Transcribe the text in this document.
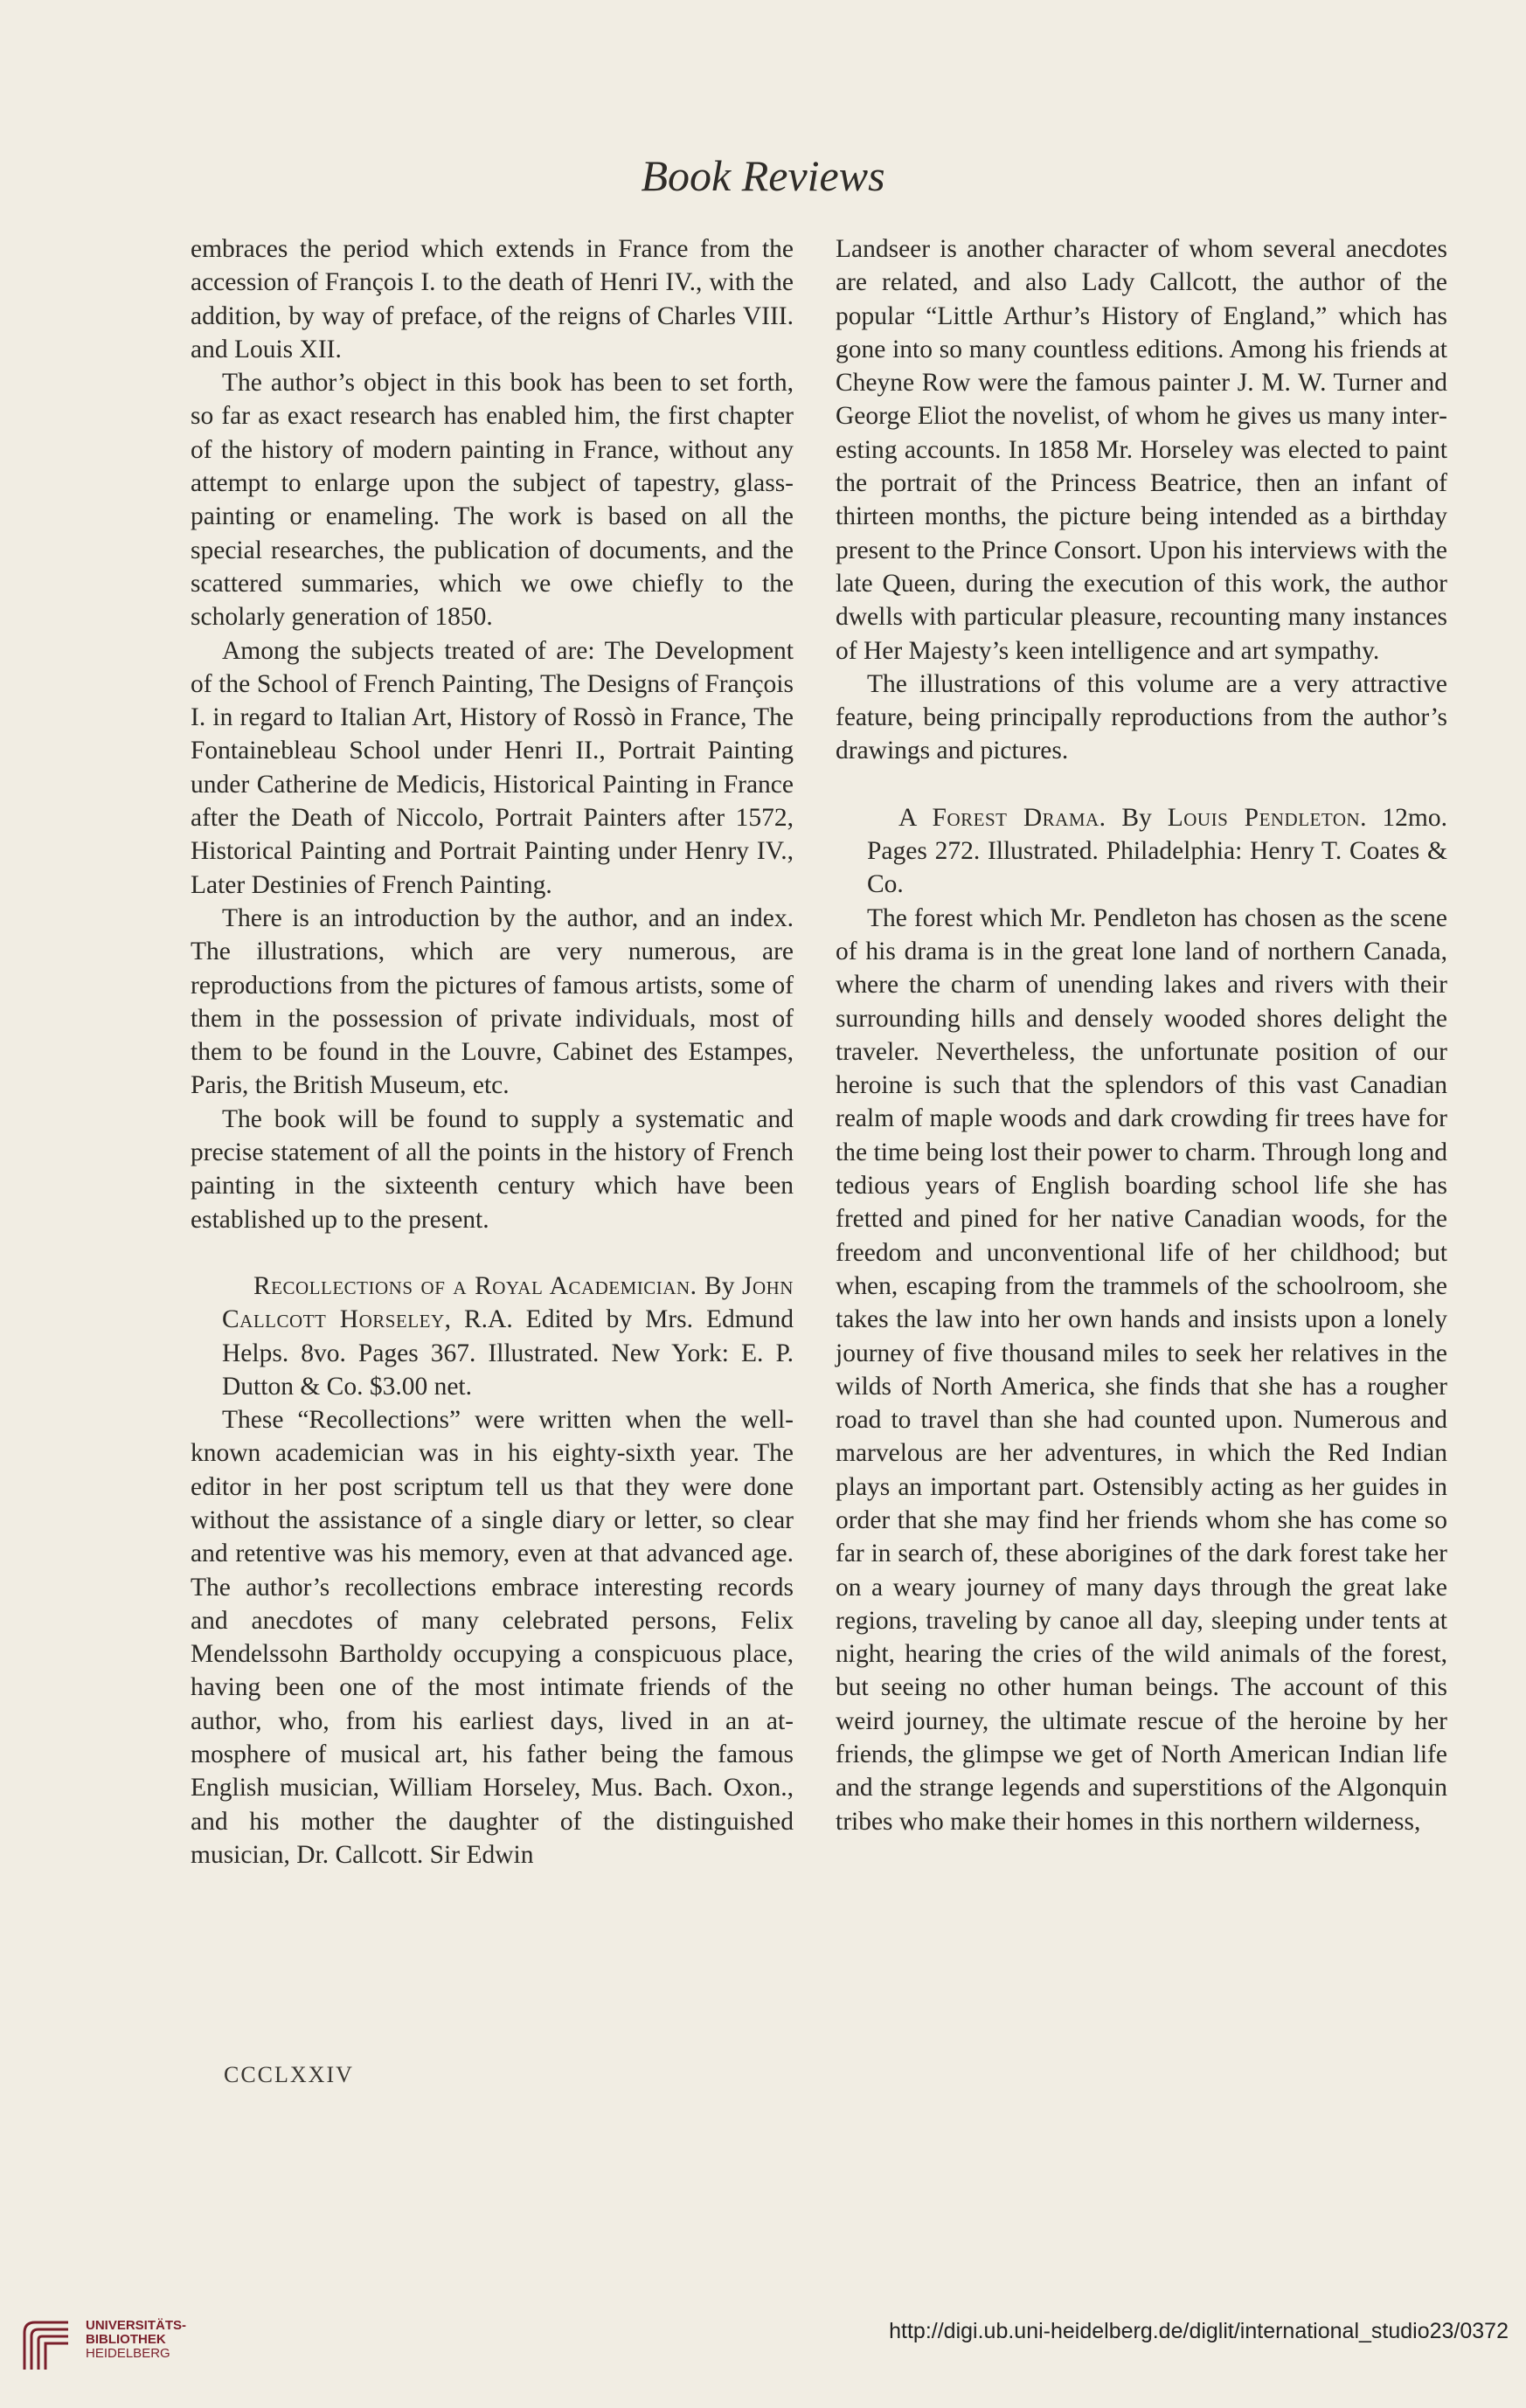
Book Reviews

embraces the period which extends in France from the accession of François I. to the death of Henri IV., with the addition, by way of preface, of the reigns of Charles VIII. and Louis XII.

The author’s object in this book has been to set forth, so far as exact research has enabled him, the first chapter of the history of modern painting in France, without any attempt to enlarge upon the subject of tapestry, glass-painting or enameling. The work is based on all the special researches, the publication of documents, and the scattered summaries, which we owe chiefly to the scholarly generation of 1850.

Among the subjects treated of are: The Development of the School of French Painting, The Designs of François I. in regard to Italian Art, History of Rossò in France, The Fontainebleau School under Henri II., Portrait Painting under Catherine de Medicis, Historical Painting in France after the Death of Niccolo, Portrait Painters after 1572, Historical Painting and Portrait Painting under Henry IV., Later Destinies of French Painting.

There is an introduction by the author, and an index. The illustrations, which are very numerous, are reproductions from the pictures of famous artists, some of them in the possession of private individuals, most of them to be found in the Louvre, Cabinet des Estampes, Paris, the British Museum, etc.

The book will be found to supply a systematic and precise statement of all the points in the history of French painting in the sixteenth century which have been established up to the present.

Recollections of a Royal Academician. By John Callcott Horseley, R.A. Edited by Mrs. Edmund Helps. 8vo. Pages 367. Illustrated. New York: E. P. Dutton & Co. $3.00 net.

These “Recollections” were written when the well-known academician was in his eighty-sixth year. The editor in her post scriptum tell us that they were done without the assistance of a single diary or letter, so clear and retentive was his memory, even at that advanced age. The author’s recollections embrace interesting records and anecdotes of many celebrated persons, Felix Mendelssohn Bartholdy occupying a conspicuous place, having been one of the most intimate friends of the author, who, from his earliest days, lived in an atmosphere of musical art, his father being the famous English musician, William Horseley, Mus. Bach. Oxon., and his mother the daughter of the distinguished musician, Dr. Callcott. Sir Edwin

Landseer is another character of whom several anecdotes are related, and also Lady Callcott, the author of the popular “Little Arthur’s History of England,” which has gone into so many countless editions. Among his friends at Cheyne Row were the famous painter J. M. W. Turner and George Eliot the novelist, of whom he gives us many interesting accounts. In 1858 Mr. Horseley was elected to paint the portrait of the Princess Beatrice, then an infant of thirteen months, the picture being intended as a birthday present to the Prince Consort. Upon his interviews with the late Queen, during the execution of this work, the author dwells with particular pleasure, recounting many instances of Her Majesty’s keen intelligence and art sympathy.

The illustrations of this volume are a very attractive feature, being principally reproductions from the author’s drawings and pictures.

A Forest Drama. By Louis Pendleton. 12mo. Pages 272. Illustrated. Philadelphia: Henry T. Coates & Co.

The forest which Mr. Pendleton has chosen as the scene of his drama is in the great lone land of northern Canada, where the charm of unending lakes and rivers with their surrounding hills and densely wooded shores delight the traveler. Nevertheless, the unfortunate position of our heroine is such that the splendors of this vast Canadian realm of maple woods and dark crowding fir trees have for the time being lost their power to charm. Through long and tedious years of English boarding school life she has fretted and pined for her native Canadian woods, for the freedom and unconventional life of her childhood; but when, escaping from the trammels of the schoolroom, she takes the law into her own hands and insists upon a lonely journey of five thousand miles to seek her relatives in the wilds of North America, she finds that she has a rougher road to travel than she had counted upon. Numerous and marvelous are her adventures, in which the Red Indian plays an important part. Ostensibly acting as her guides in order that she may find her friends whom she has come so far in search of, these aborigines of the dark forest take her on a weary journey of many days through the great lake regions, traveling by canoe all day, sleeping under tents at night, hearing the cries of the wild animals of the forest, but seeing no other human beings. The account of this weird journey, the ultimate rescue of the heroine by her friends, the glimpse we get of North American Indian life and the strange legends and superstitions of the Algonquin tribes who make their homes in this northern wilderness,

CCCLXXIV
UNIVERSITÄTS-
BIBLIOTHEK
HEIDELBERG
http://digi.ub.uni-heidelberg.de/diglit/international_studio23/0372
